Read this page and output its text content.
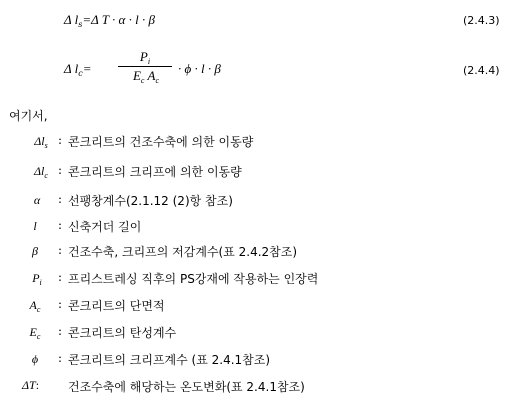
Δ $l_s=\Delta$ T · α · l · β	(2.4.3)
Δ $l_c=$
$P_i$
$E_c$ $A_c$
· ϕ · l · β	(2.4.4)
여기서,
$\Delta l_s$ : 콘크리트의 건조수축에 의한 이동량
$\Delta l_c$ : 콘크리트의 크리프에 의한 이동량
α	: 선팽창계수(2.1.12 (2)항 참조)
l	: 신축거더 길이
β	: 건조수축, 크리프의 저감계수(표 2.4.2참조)
$P_i$	: 프리스트레싱 직후의 PS강재에 작용하는 인장력
$A_c$	: 콘크리트의 단면적
$E_c$	: 콘크리트의 탄성계수
ϕ	: 콘크리트의 크리프계수 (표 2.4.1참조)
ΔT: 건조수축에 해당하는 온도변화(표 2.4.1참조)
